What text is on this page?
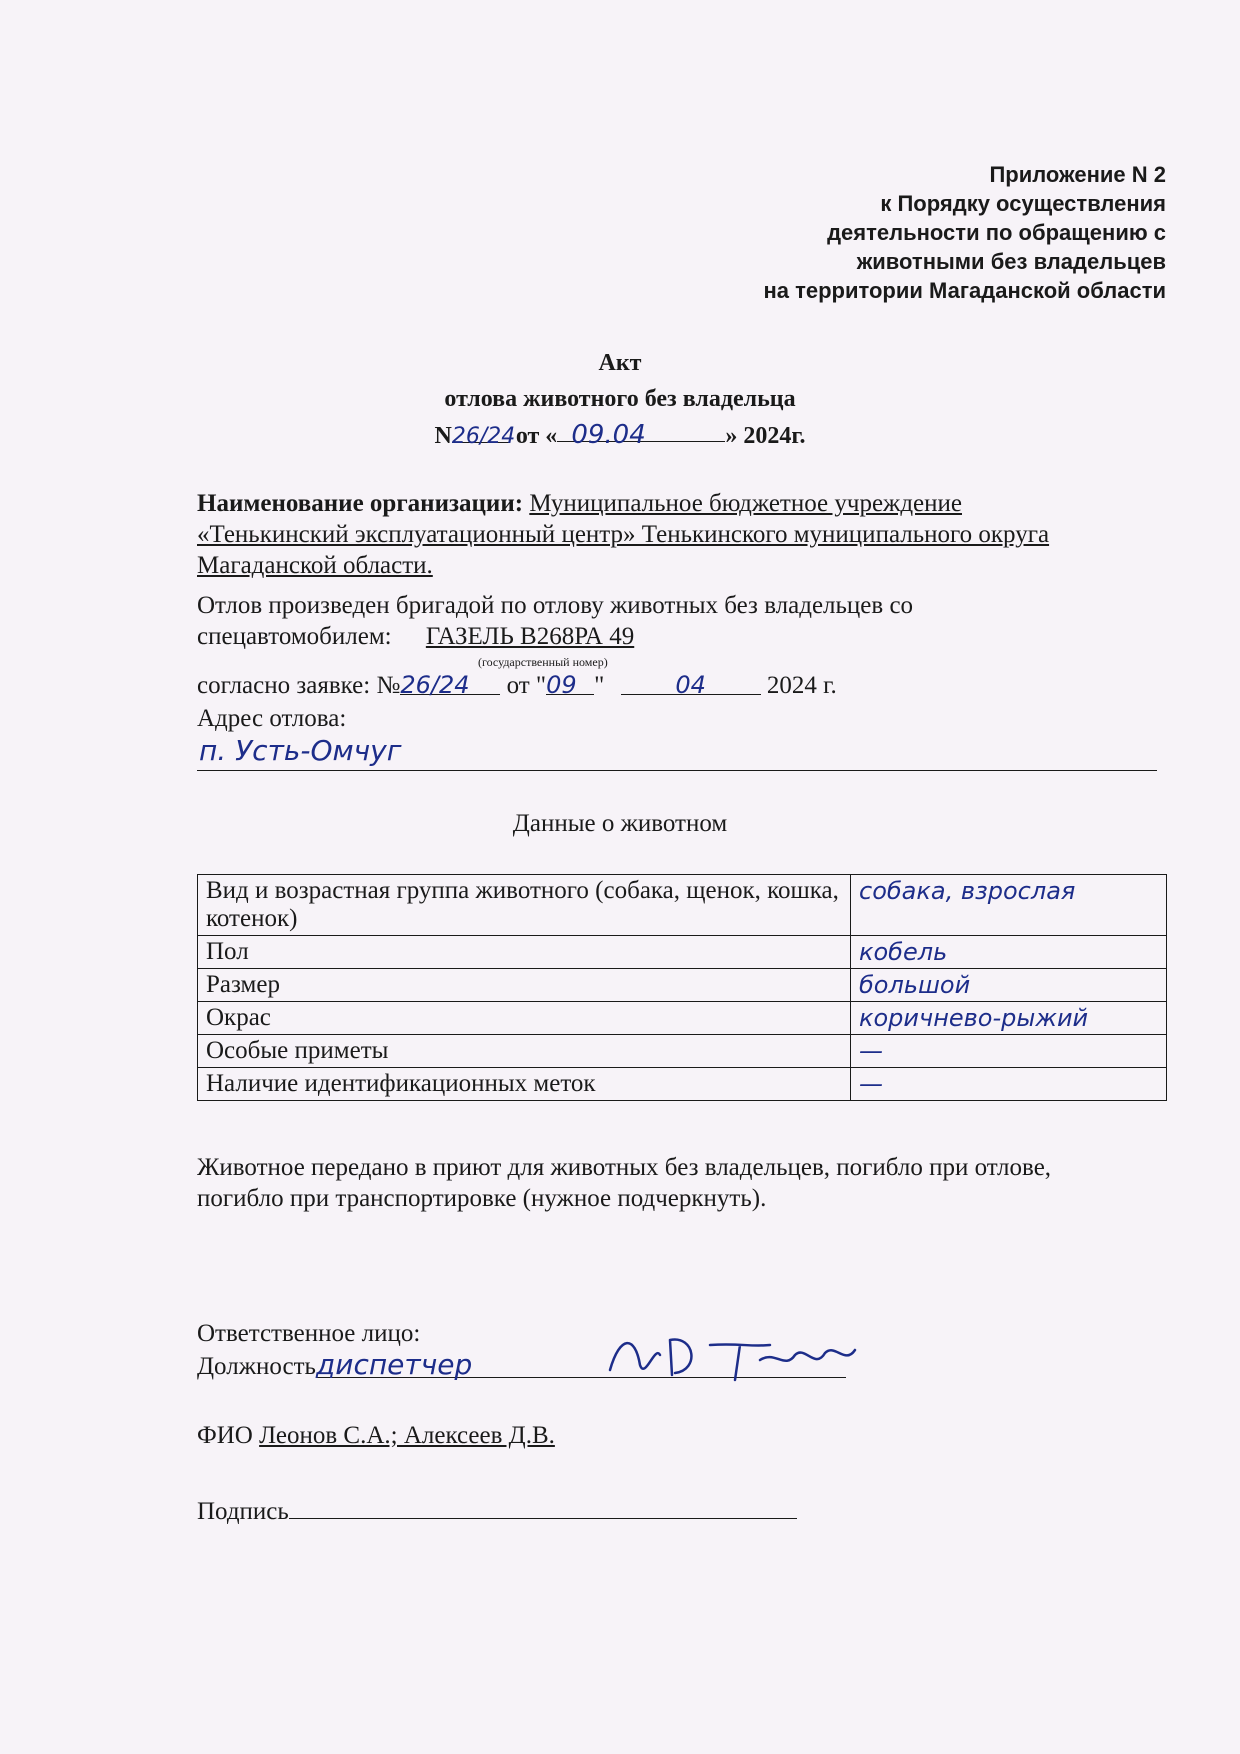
Приложение N 2
к Порядку осуществления
деятельности по обращению с
животными без владельцев
на территории Магаданской области
Акт
отлова животного без владельца
N26/24 от « 09.04	» 2024г.
Наименование организации: Муниципальное бюджетное учреждение «Тенькинский эксплуатационный центр» Тенькинского муниципального округа Магаданской области.
Отлов произведен бригадой по отлову животных без владельцев со
спецавтомобилем: ГАЗЕЛЬ В268РА 49
(государственный номер)
согласно заявке: №26/24 от "09 "	04 2024 г.
Адрес отлова:
п. Усть-Омчуг
Данные о животном
Вид и возрастная группа животного (собака, щенок, кошка, котенок)	собака, взрослая
Пол	кобель
Размер	большой
Окрас	коричнево-рыжий
Особые приметы	—
Наличие идентификационных меток	—
Животное передано в приют для животных без владельцев, погибло при отлове, погибло при транспортировке (нужное подчеркнуть).
Ответственное лицо:
Должностьдиспетчер
ФИО Леонов С.А.; Алексеев Д.В.
Подпись
